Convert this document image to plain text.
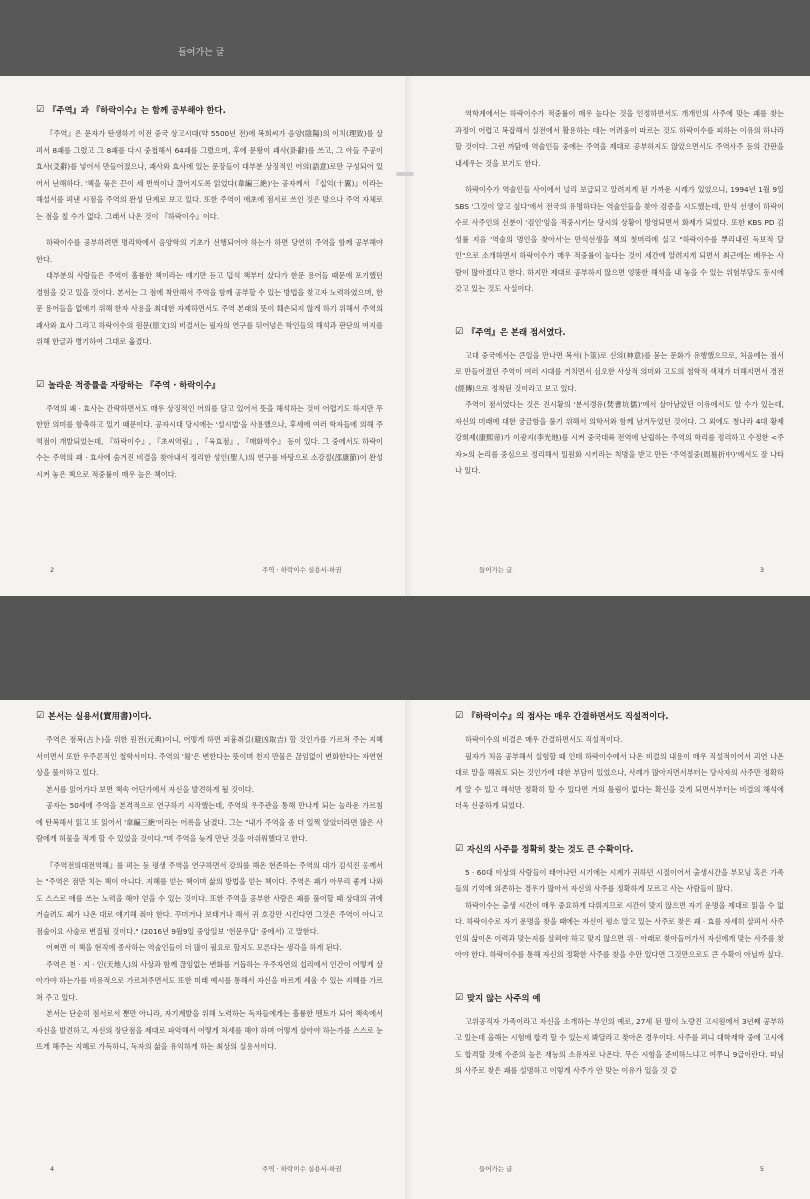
들어가는 글
☑ 『주역』과 『하락이수』는 함께 공부해야 한다.

『주역』은 문자가 탄생하기 이전 중국 상고시대(약 5500년 전)에 복희씨가 음양(陰陽)의 이치(理致)를 살펴서 8괘를 그렸고 그 8괘를 다시 중첩해서 64괘를 그렸으며, 후에 문왕이 괘사(卦辭)를 쓰고, 그 아들 주공이 효사(爻辭)를 넣어서 만들어졌으나, 괘사와 효사에 있는 문장들이 대부분 상징적인 어의(語意)로만 구성되어 있어서 난해하다. '책을 묶은 끈이 세 번씩이나 끊어지도록 읽었다(韋編三絶)'는 공자께서 『십익(十翼)』이라는 해설서를 펴낸 시점을 주역의 완성 단계로 보고 있다. 또한 주역이 애초에 점서로 쓰인 것은 맞으나 주역 자체로는 점을 칠 수가 없다. 그래서 나온 것이 『하락이수』이다.

하락이수를 공부하려면 명리학에서 음양학의 기초가 선행되어야 하는가 하면 당연히 주역을 함께 공부해야 한다.

대부분의 사람들은 주역이 훌륭한 책이라는 얘기만 듣고 덥석 책부터 샀다가 한문 용어들 때문에 포기했던 경험을 갖고 있을 것이다. 본서는 그 점에 착안해서 주역을 함께 공부할 수 있는 방법을 찾고자 노력하였으며, 한문 용어들을 없애기 위해 한자 사용을 최대한 자제하면서도 주역 본래의 뜻이 훼손되지 않게 하기 위해서 주역의 괘사와 효사 그리고 하락이수의 원문(原文)의 비결서는 필자의 연구를 뒤어넘은 학인들의 해석과 판단의 여지를 위해 한글과 병기하여 그대로 옮겼다.

☑ 놀라운 적중률을 자랑하는 『주역 · 하락이수』

주역의 괘 · 효사는 간략하면서도 매우 상징적인 어의를 담고 있어서 뜻을 해석하는 것이 어렵기도 하지만 무한한 의미를 함축하고 있기 때문이다. 공자시대 당시에는 '설시법'을 사용했으나, 후세에 여러 학자들에 의해 주역점이 개발되었는데, 『하락이수』, 『초씨역림』, 『육효점』, 『매화역수』 등이 있다. 그 중에서도 하락이수는 주역의 괘 · 효사에 숨겨진 비결을 찾아내서 정리한 성인(聖人)의 연구를 바탕으로 소강절(邵康節)이 완성시켜 놓은 책으로 적중률이 매우 높은 책이다.

2	주역 · 하락이수 실용서-하권

역학계에서는 하락이수가 적중률이 매우 높다는 것을 인정하면서도 개개인의 사주에 맞는 괘를 찾는 과정이 어렵고 복잡해서 실전에서 활용하는 데는 어려움이 따르는 것도 하락이수를 피하는 이유의 하나라 할 것이다. 그런 까닭에 역술인들 중에는 주역을 제대로 공부하지도 않았으면서도 주역사주 등의 간판을 내세우는 것을 보기도 한다.

하락이수가 역술인들 사이에서 널리 보급되고 알려지게 된 가까운 시례가 있었으니, 1994년 1월 9일 SBS '그것이 알고 싶다'에서 전국의 유명하다는 역술인들을 찾아 검증을 시도했는데, 만석 선생이 하락이수로 사주인의 신분이 '검인'임을 적중시키는 당시의 상황이 방영되면서 화제가 되었다. 또한 KBS PD 김성률 지음 '역술의 명인을 찾아서'는 만석선생을 책의 첫머리에 실고 "하락이수를 뿌리내린 독보적 달인"으로 소개하면서 하락이수가 매우 적중률이 높다는 것이 세간에 알려지게 되면서 최근에는 배우는 사람이 많아졌다고 한다. 하지만 제대로 공부하지 않으면 엉뚱한 해석을 내 놓을 수 있는 위험부담도 동시에 갖고 있는 것도 사실이다.

☑ 『주역』은 본래 점서였다.

고대 중국에서는 큰일을 만나면 복서(卜筮)로 신의(神意)를 묻는 문화가 유행했으므로, 처음에는 점서로 만들어졌던 주역이 여러 시대를 거치면서 심오한 사상적 의미와 고도의 철학적 색채가 더해지면서 경전(經傳)으로 정착된 것이라고 보고 있다.

주역이 점서였다는 것은 진시황의 '분서갱유(焚書坑儒)'에서 살아남았던 이유에서도 알 수가 있는데, 자신의 미래에 대한 궁금함을 풀기 위해서 의학서와 함께 남겨두었던 것이다. 그 외에도 청나라 4대 황제 강희제(康熙帝)가 이광지(李光地)를 시켜 중국대륙 전역에 난립하는 주역의 학리를 정리하고 수정한 <주자>의 논리를 중심으로 정리해서 일원화 시키라는 칙명을 받고 만든 '주역절중(周易折中)'에서도 잘 나타나 있다.

들어가는 글	3
☑ 본서는 실용서(實用書)이다.

주역은 점복(占卜)을 위한 원전(元典)이니, 어떻게 하면 피흉취길(避凶取吉) 할 것인가를 가르쳐 주는 지혜서이면서 또한 우주론적인 철학서이다. 주역의 '易'은 변한다는 뜻이며 천지 만물은 끊임없이 변화한다는 자연현상을 풀이하고 있다.

본서를 읽어가다 보면 책속 어딘가에서 자신을 발견하게 될 것이다.

공자는 50세에 주역을 본격적으로 연구하기 시작했는데, 주역의 우주관을 통해 만나게 되는 놀라운 가르침에 탄복해서 읽고 또 읽어서 '韋編三絶'이라는 어록을 남겼다. 그는 "내가 주역을 좀 더 일찍 알았더라면 많은 사람에게 허물을 적게 할 수 있었을 것이다."며 주역을 늦게 만난 것을 아쉬워했다고 한다.

『주역전의대전역해』를 펴는 등 평생 주역을 연구하면서 강의를 해온 현존하는 주역의 대가 김석진 옹께서는 "주역은 점만 치는 책이 아니다. 지혜를 얻는 책이며 삶의 방법을 얻는 책이다. 주역은 괘가 아무리 좋게 나와도 스스로 애를 쓰는 노력을 해야 얻을 수 있는 것이다. 또한 주역을 공부한 사람은 괘를 풀이할 때 상대의 귀에 거슬려도 괘가 나온 대로 얘기해 줘야 한다. 꾸미거나 보태거나 해서 귀 호강만 시킨다면 그것은 주역이 아니고 점술이요 사술로 변질될 것이다." (2016년 9월9일 중앙일보 '헌문우답' 중에서) 고 말한다.

어쩌면 이 책을 현직에 종사하는 역술인들이 더 많이 필요로 할지도 모른다는 생각을 하게 된다.

주역은 천 · 지 · 인(天地人)의 사상과 함께 끊임없는 변화를 거듭하는 우주자연의 섭리에서 인간이 어떻게 살아가야 하는가를 비유적으로 가르쳐주면서도 또한 미래 예시를 통해서 자신을 바르게 세울 수 있는 지혜를 가르쳐 주고 있다.

본서는 단순히 점서로서 뿐만 아니라, 자기계발을 위해 노력하는 독자들에게는 훌륭한 멘토가 되어 책속에서 자신을 발견하고, 자신의 장단점을 제대로 파악해서 어떻게 처세를 해야 하며 어떻게 살아야 하는가를 스스로 눈뜨게 해주는 지혜로 가득하니, 독자의 삶을 유익하게 하는 최상의 실용서이다.

4	주역 · 하락이수 실용서-하권
☑ 『하락이수』의 점사는 매우 간결하면서도 직설적이다.

하락이수의 비결은 매우 간결하면서도 직설적이다.

필자가 처음 공부해서 실험할 때 인테 하락이수에서 나온 비결의 내용이 매우 직설적이어서 괴연 나온 대로 말을 해줘도 되는 것인가에 대한 부담이 있었으나, 사례가 많아지면서부터는 당사자의 사주만 정확하게 알 수 있고 해석만 정확히 할 수 있다면 거의 틀림이 없다는 확신을 갖게 되면서부터는 비결의 해석에 더욱 신중하게 되었다.

☑ 자신의 사주를 정확히 찾는 것도 큰 수확이다.

5 · 60대 이상의 사람들이 태어나던 시기에는 시계가 귀하던 시절이어서 출생시간을 부모님 혹은 가족들의 기억에 의존하는 경우가 많아서 자신의 사주를 정확하게 모르고 사는 사람들이 많다.

하락이수는 출생 시간이 매우 중요하게 다뤄지므로 시간이 맞지 않으면 자기 운명을 제대로 읽을 수 없다. 하락이수로 자기 운명을 찾을 때에는 자신이 평소 알고 있는 사주로 찾은 괘 · 효를 자세히 살펴서 사주인의 삶이온 이력과 맞는지를 살펴야 하고 맞지 않으면 위 · 아래로 찾아들어가서 자신에게 맞는 사주를 찾아야 한다. 하락이수를 통해 자신의 정확한 사주를 찾을 수만 있다면 그것만으로도 큰 수확이 아닐까 싶다.

☑ 맞지 않는 사주의 예

고위공직자 가족이라고 자신을 소개하는 부인의 예로, 27세 된 딸이 노량진 고시원에서 3년째 공부하고 있는데 올해는 시험에 합격 할 수 있는지 봐달라고 찾아온 경우이다. 사주를 펴니 대학재학 중에 고시에도 합격할 것에 수준의 높은 재능의 소유자로 나온다. 무슨 시험을 준비하느냐고 여쭈니 9급이란다. 따님의 사주로 찾은 괘를 설명하고 이렇게 사주가 안 맞는 이유가 있을 것 같

들어가는 글	5
